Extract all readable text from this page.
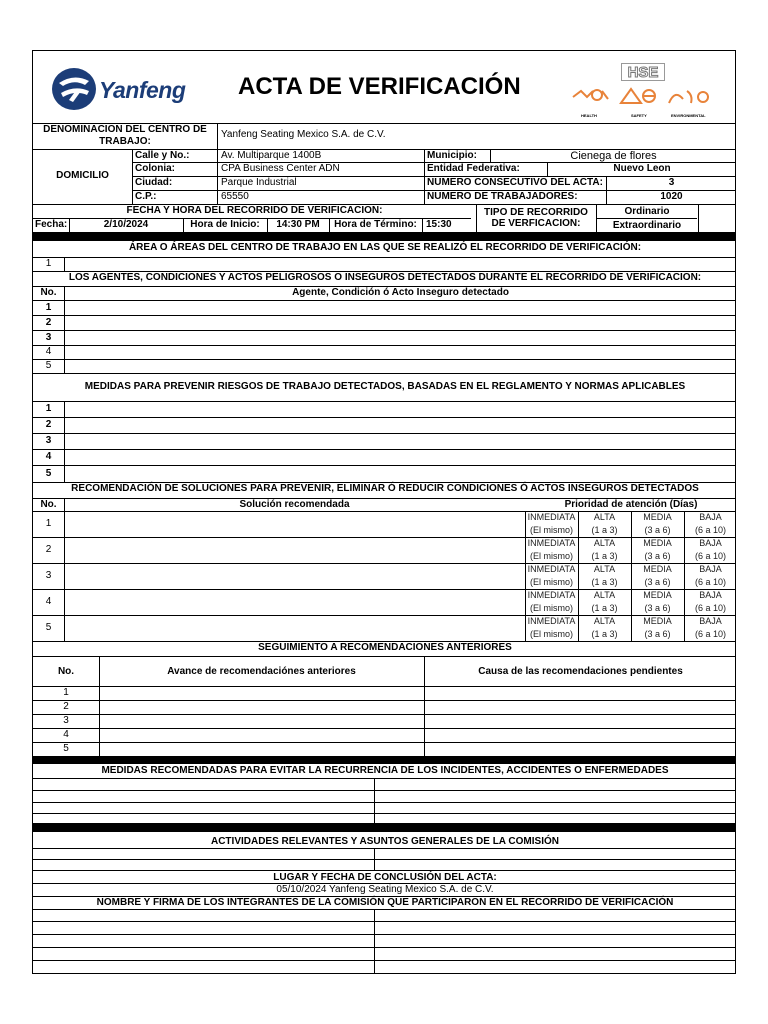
Yanfeng ACTA DE VERIFICACIÓN
HSE
HEALTH	SAFETY	ENVIRONMENTAL
DENOMINACION DEL CENTRO DE TRABAJO:
Yanfeng Seating Mexico S.A. de C.V.
DOMICILIO
Calle y No.:	Av. Multiparque 1400B
Colonia:	CPA Business Center ADN
Ciudad:	Parque Industrial
C.P.:	65550
Municipio:	Cienega de flores
Entidad Federativa:	Nuevo Leon
NUMERO CONSECUTIVO DEL ACTA:	3
NUMERO DE TRABAJADORES:	1020
FECHA Y HORA DEL RECORRIDO DE VERIFICACION:
Fecha:	2/10/2024	Hora de Inicio:	14:30 PM	Hora de Término: 15:30
TIPO DE RECORRIDO
DE VERFICACION:
Ordinario
Extraordinario
ÁREA O ÁREAS DEL CENTRO DE TRABAJO EN LAS QUE SE REALIZÓ EL RECORRIDO DE VERIFICACIÓN:
1
LOS AGENTES, CONDICIONES Y ACTOS PELIGROSOS O INSEGUROS DETECTADOS DURANTE EL RECORRIDO DE VERIFICACION:
No.	Agente, Condición ó Acto Inseguro detectado
1
2
3
4
5
MEDIDAS PARA PREVENIR RIESGOS DE TRABAJO DETECTADOS, BASADAS EN EL REGLAMENTO Y NORMAS APLICABLES
1
2
3
4
5
RECOMENDACIÓN DE SOLUCIONES PARA PREVENIR, ELIMINAR Ó REDUCIR CONDICIONES Ó ACTOS INSEGUROS DETECTADOS
No.	Solución recomendada	Prioridad de atención (Días)
1
INMEDIATA
(El mismo)
ALTA
(1 a 3)
MEDIA
(3 a 6)
BAJA
(6 a 10)
2
INMEDIATA
(El mismo)
ALTA
(1 a 3)
MEDIA
(3 a 6)
BAJA
(6 a 10)
3
INMEDIATA
(El mismo)
ALTA
(1 a 3)
MEDIA
(3 a 6)
BAJA
(6 a 10)
4
INMEDIATA
(El mismo)
ALTA
(1 a 3)
MEDIA
(3 a 6)
BAJA
(6 a 10)
5
INMEDIATA
(El mismo)
ALTA
(1 a 3)
MEDIA
(3 a 6)
BAJA
(6 a 10)
SEGUIMIENTO A RECOMENDACIONES ANTERIORES
No.	Avance de recomendaciónes anteriores	Causa de las recomendaciones pendientes
1
2
3
4
5
MEDIDAS RECOMENDADAS PARA EVITAR LA RECURRENCIA DE LOS INCIDENTES, ACCIDENTES O ENFERMEDADES
ACTIVIDADES RELEVANTES Y ASUNTOS GENERALES DE LA COMISIÓN
LUGAR Y FECHA DE CONCLUSIÓN DEL ACTA:
05/10/2024 Yanfeng Seating Mexico S.A. de C.V.
NOMBRE Y FIRMA DE LOS INTEGRANTES DE LA COMISIÓN QUE PARTICIPARON EN EL RECORRIDO DE VERIFICACIÓN
